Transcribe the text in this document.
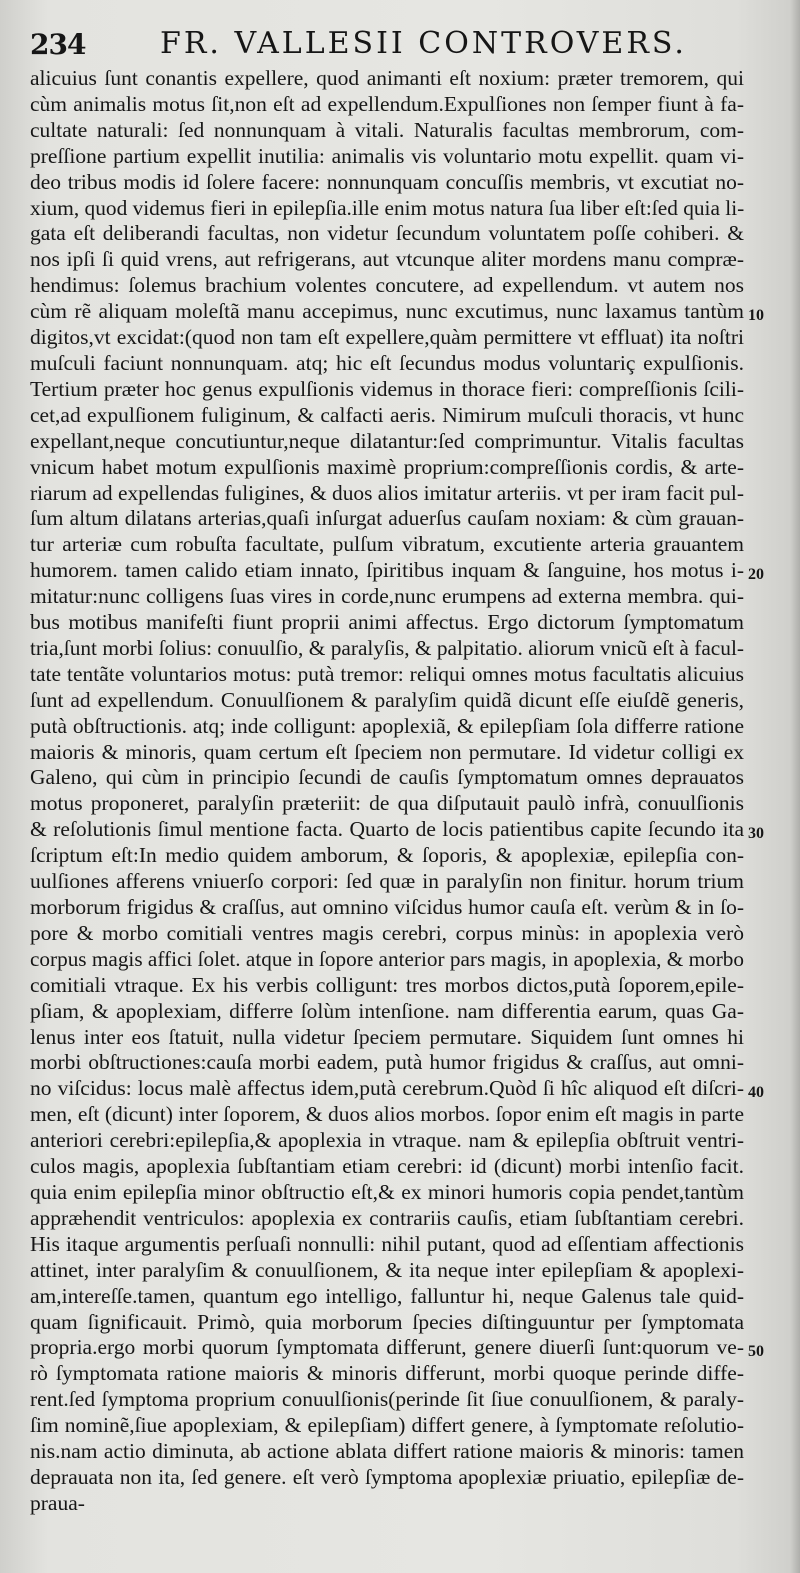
234 FR. VALLESII CONTROVERS.
alicuius ſunt conantis expellere, quod animanti eſt noxium: præter tremorem, qui
cùm animalis motus ſit,non eſt ad expellendum.Expulſiones non ſemper fiunt à fa-
cultate naturali: ſed nonnunquam à vitali. Naturalis facultas membrorum, com-
preſſione partium expellit inutilia: animalis vis voluntario motu expellit. quam vi-
deo tribus modis id ſolere facere: nonnunquam concuſſis membris, vt excutiat no-
xium, quod videmus fieri in epilepſia.ille enim motus natura ſua liber eſt:ſed quia li-
gata eſt deliberandi facultas, non videtur ſecundum voluntatem poſſe cohiberi. &
nos ipſi ſi quid vrens, aut refrigerans, aut vtcunque aliter mordens manu compræ-
hendimus: ſolemus brachium volentes concutere, ad expellendum. vt autem nos
cùm rẽ aliquam moleſtã manu accepimus, nunc excutimus, nunc laxamus tantùm
digitos,vt excidat:(quod non tam eſt expellere,quàm permittere vt effluat) ita noſtri
muſculi faciunt nonnunquam. atq; hic eſt ſecundus modus voluntariç expulſionis.
Tertium præter hoc genus expulſionis videmus in thorace fieri: compreſſionis ſcili-
cet,ad expulſionem fuliginum, & calfacti aeris. Nimirum muſculi thoracis, vt hunc
expellant,neque concutiuntur,neque dilatantur:ſed comprimuntur. Vitalis facultas
vnicum habet motum expulſionis maximè proprium:compreſſionis cordis, & arte-
riarum ad expellendas fuligines, & duos alios imitatur arteriis. vt per iram facit pul-
ſum altum dilatans arterias,quaſi inſurgat aduerſus cauſam noxiam: & cùm grauan-
tur arteriæ cum robuſta facultate, pulſum vibratum, excutiente arteria grauantem
humorem. tamen calido etiam innato, ſpiritibus inquam & ſanguine, hos motus i-
mitatur:nunc colligens ſuas vires in corde,nunc erumpens ad externa membra. qui-
bus motibus manifeſti fiunt proprii animi affectus. Ergo dictorum ſymptomatum
tria,ſunt morbi ſolius: conuulſio, & paralyſis, & palpitatio. aliorum vnicũ eſt à facul-
tate tentãte voluntarios motus: putà tremor: reliqui omnes motus facultatis alicuius
ſunt ad expellendum. Conuulſionem & paralyſim quidã dicunt eſſe eiuſdẽ generis,
putà obſtructionis. atq; inde colligunt: apoplexiã, & epilepſiam ſola differre ratione
maioris & minoris, quam certum eſt ſpeciem non permutare. Id videtur colligi ex
Galeno, qui cùm in principio ſecundi de cauſis ſymptomatum omnes deprauatos
motus proponeret, paralyſin præteriit: de qua diſputauit paulò infrà, conuulſionis
& reſolutionis ſimul mentione facta. Quarto de locis patientibus capite ſecundo ita
ſcriptum eſt:In medio quidem amborum, & ſoporis, & apoplexiæ, epilepſia con-
uulſiones afferens vniuerſo corpori: ſed quæ in paralyſin non finitur. horum trium
morborum frigidus & craſſus, aut omnino viſcidus humor cauſa eſt. verùm & in ſo-
pore & morbo comitiali ventres magis cerebri, corpus minùs: in apoplexia verò
corpus magis affici ſolet. atque in ſopore anterior pars magis, in apoplexia, & morbo
comitiali vtraque. Ex his verbis colligunt: tres morbos dictos,putà ſoporem,epile-
pſiam, & apoplexiam, differre ſolùm intenſione. nam differentia earum, quas Ga-
lenus inter eos ſtatuit, nulla videtur ſpeciem permutare. Siquidem ſunt omnes hi
morbi obſtructiones:cauſa morbi eadem, putà humor frigidus & craſſus, aut omni-
no viſcidus: locus malè affectus idem,putà cerebrum.Quòd ſi hîc aliquod eſt diſcri-
men, eſt (dicunt) inter ſoporem, & duos alios morbos. ſopor enim eſt magis in parte
anteriori cerebri:epilepſia,& apoplexia in vtraque. nam & epilepſia obſtruit ventri-
culos magis, apoplexia ſubſtantiam etiam cerebri: id (dicunt) morbi intenſio facit.
quia enim epilepſia minor obſtructio eſt,& ex minori humoris copia pendet,tantùm
appræhendit ventriculos: apoplexia ex contrariis cauſis, etiam ſubſtantiam cerebri.
His itaque argumentis perſuaſi nonnulli: nihil putant, quod ad eſſentiam affectionis
attinet, inter paralyſim & conuulſionem, & ita neque inter epilepſiam & apoplexi-
am,intereſſe.tamen, quantum ego intelligo, falluntur hi, neque Galenus tale quid-
quam ſignificauit. Primò, quia morborum ſpecies diſtinguuntur per ſymptomata
propria.ergo morbi quorum ſymptomata differunt, genere diuerſi ſunt:quorum ve-
rò ſymptomata ratione maioris & minoris differunt, morbi quoque perinde diffe-
rent.ſed ſymptoma proprium conuulſionis(perinde ſit ſiue conuulſionem, & paraly-
ſim nominẽ,ſiue apoplexiam, & epilepſiam) differt genere, à ſymptomate reſolutio-
nis.nam actio diminuta, ab actione ablata differt ratione maioris & minoris: tamen
deprauata non ita, ſed genere. eſt verò ſymptoma apoplexiæ priuatio, epilepſiæ de-
praua-
10
20
30
40
50
